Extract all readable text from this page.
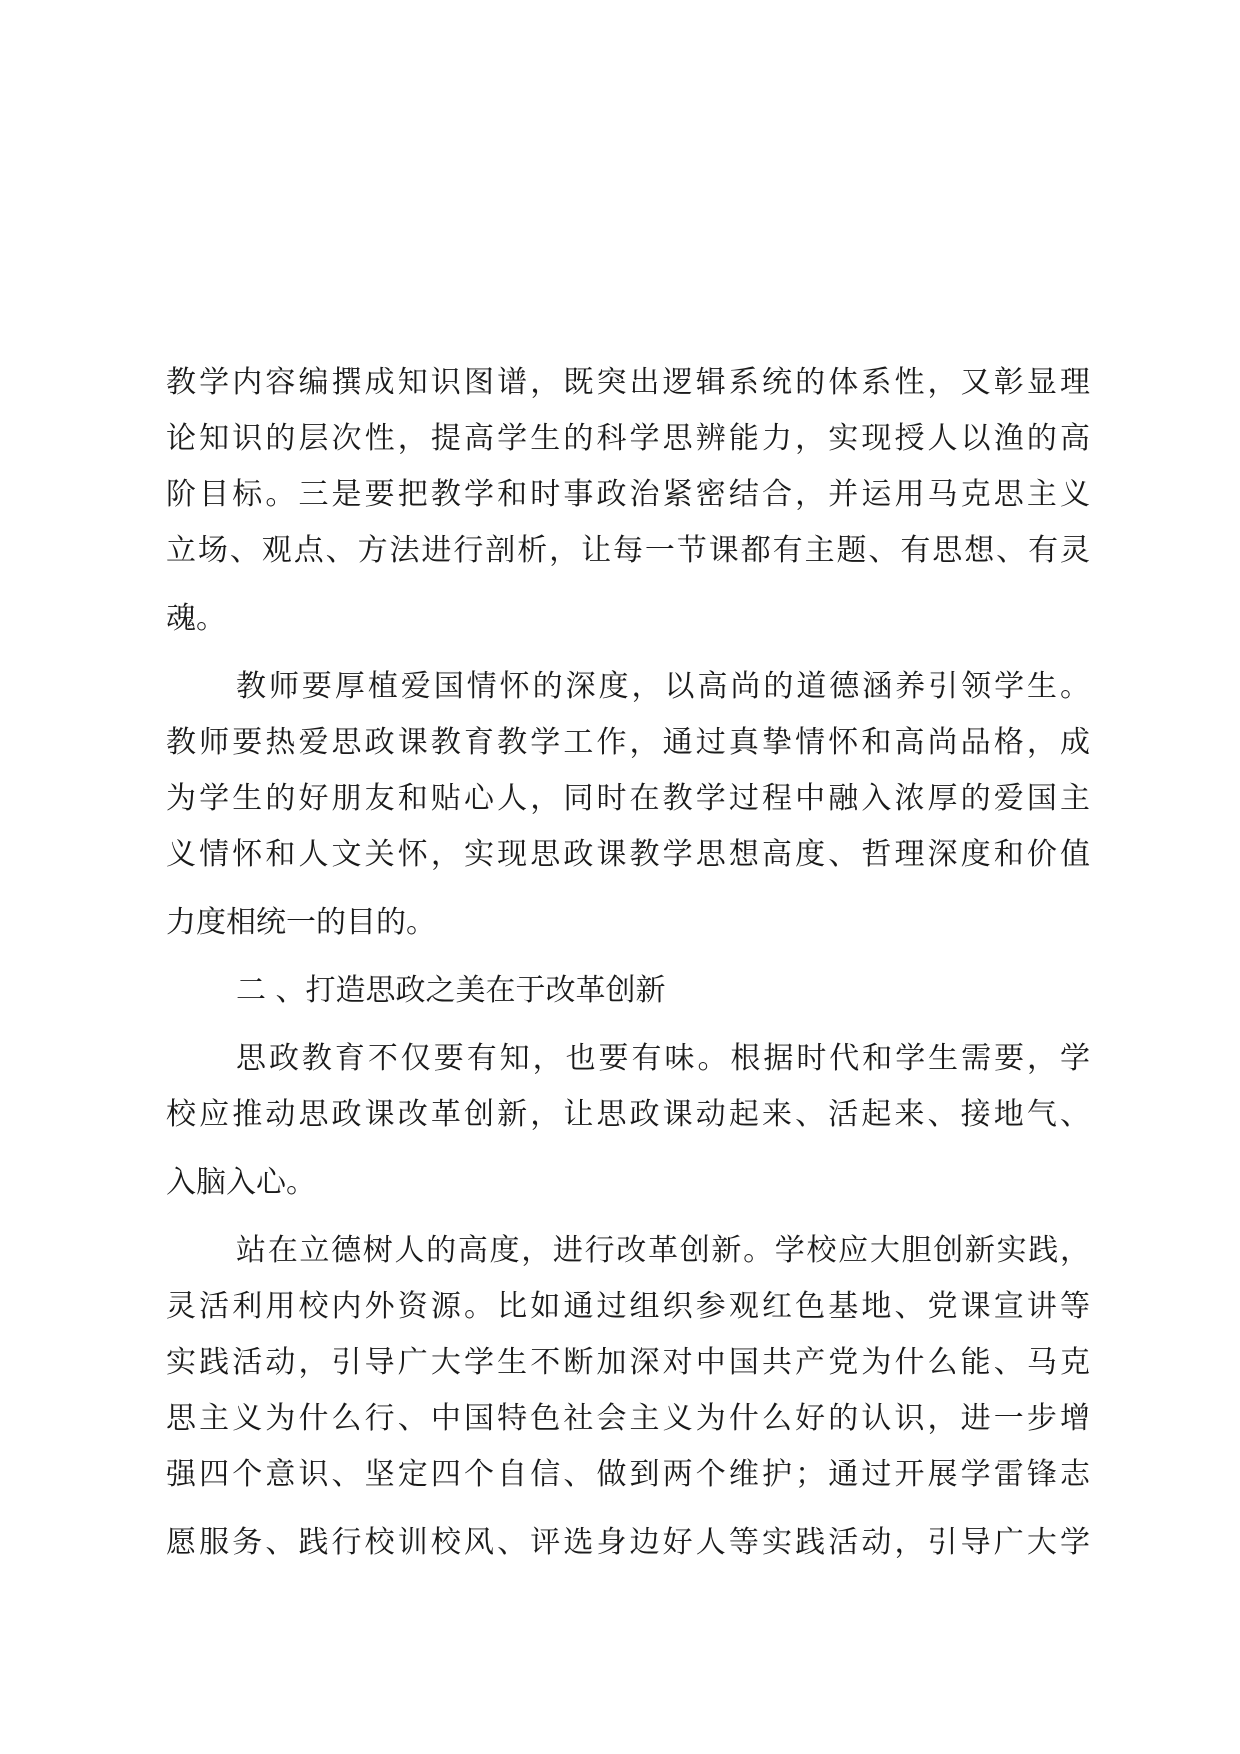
教学内容编撰成知识图谱，既突出逻辑系统的体系性，又彰显理
论知识的层次性，提高学生的科学思辨能力，实现授人以渔的高
阶目标。三是要把教学和时事政治紧密结合，并运用马克思主义
立场、观点、方法进行剖析，让每一节课都有主题、有思想、有灵
魂。
教师要厚植爱国情怀的深度，以高尚的道德涵养引领学生。
教师要热爱思政课教育教学工作，通过真挚情怀和高尚品格，成
为学生的好朋友和贴心人，同时在教学过程中融入浓厚的爱国主
义情怀和人文关怀，实现思政课教学思想高度、哲理深度和价值
力度相统一的目的。
二 、打造思政之美在于改革创新
思政教育不仅要有知，也要有味。根据时代和学生需要，学
校应推动思政课改革创新，让思政课动起来、活起来、接地气、
入脑入心。
站在立德树人的高度，进行改革创新。学校应大胆创新实践，
灵活利用校内外资源。比如通过组织参观红色基地、党课宣讲等
实践活动，引导广大学生不断加深对中国共产党为什么能、马克
思主义为什么行、中国特色社会主义为什么好的认识，进一步增
强四个意识、坚定四个自信、做到两个维护；通过开展学雷锋志
愿服务、践行校训校风、评选身边好人等实践活动，引导广大学
